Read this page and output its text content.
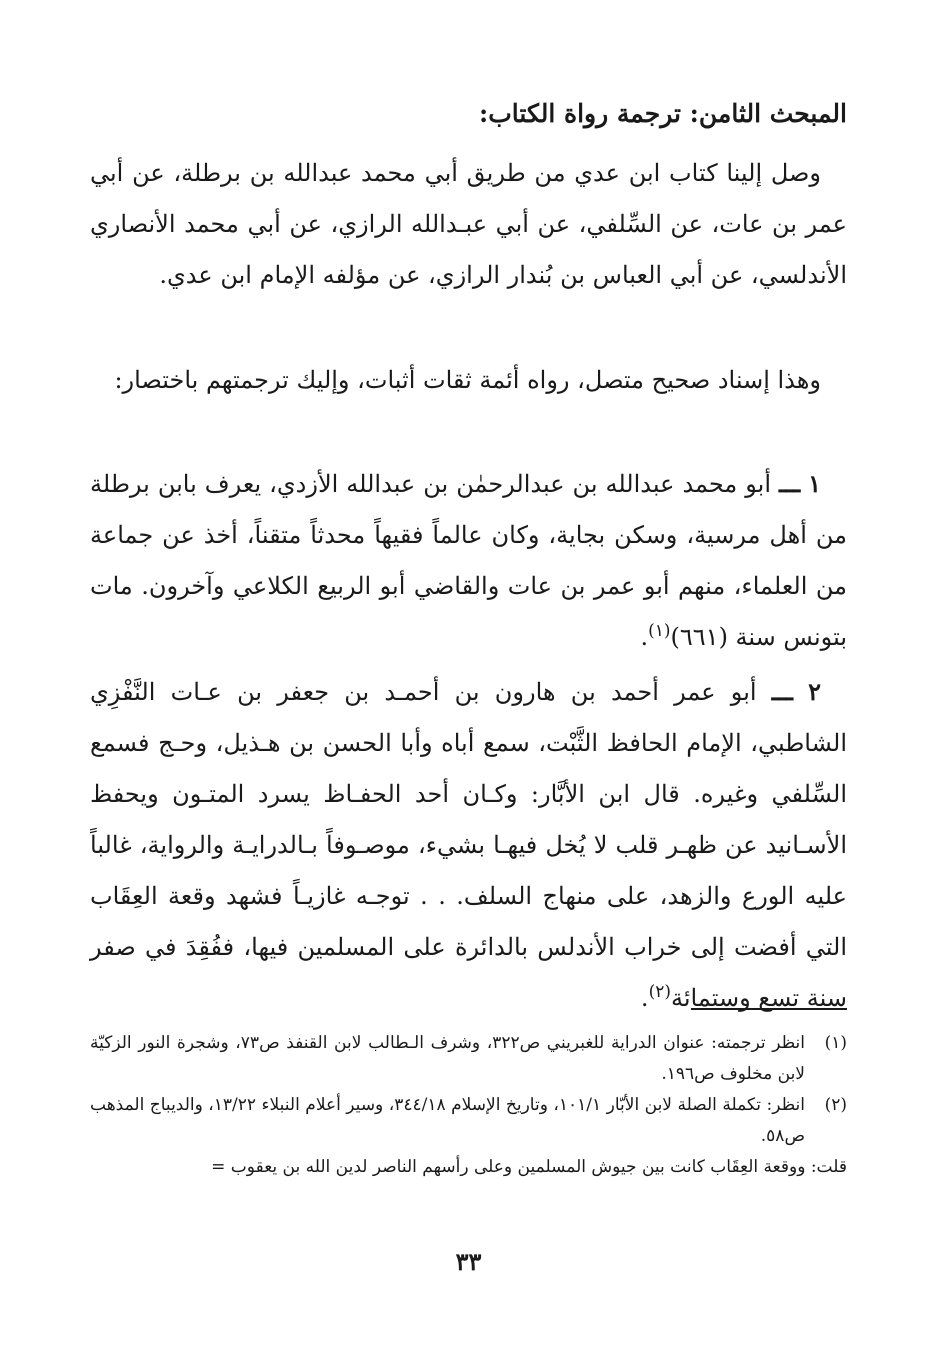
المبحث الثامن: ترجمة رواة الكتاب:

وصل إلينا كتاب ابن عدي من طريق أبي محمد عبدالله بن برطلة، عن أبي عمر بن عات، عن السِّلفي، عن أبي عبـدالله الرازي، عن أبي محمد الأنصاري الأندلسي، عن أبي العباس بن بُندار الرازي، عن مؤلفه الإمام ابن عدي.

وهذا إسناد صحيح متصل، رواه أئمة ثقات أثبات، وإليك ترجمتهم باختصار:

١ ـــ أبو محمد عبدالله بن عبدالرحمٰن بن عبدالله الأزدي، يعرف بابن برطلة من أهل مرسية، وسكن بجاية، وكان عالماً فقيهاً محدثاً متقناً، أخذ عن جماعة من العلماء، منهم أبو عمر بن عات والقاضي أبو الربيع الكلاعي وآخرون. مات بتونس سنة (٦٦١)$^{(١)}$.

٢ ـــ أبو عمر أحمد بن هارون بن أحمـد بن جعفر بن عـات النَّفْزِي الشاطبي، الإمام الحافظ الثَّبْت، سمع أباه وأبا الحسن بن هـذيل، وحـج فسمع السِّلفي وغيره. قال ابن الأبَّار: وكـان أحد الحفـاظ يسرد المتـون ويحفظ الأسـانيد عن ظهـر قلب لا يُخل فيهـا بشيء، موصـوفاً بـالدرايـة والرواية، غالباً عليه الورع والزهد، على منهاج السلف. . . توجـه غازيـاً فشهد وقعة العِقَاب التي أفضت إلى خراب الأندلس بالدائرة على المسلمين فيها، ففُقِدَ في صفر سنة تسع وستمائة$^{(٢)}$.

(١)
انظر ترجمته: عنوان الدراية للغبريني ص٣٢٢، وشرف الـطالب لابن القنفذ ص٧٣، وشجرة النور الزكيّة لابن مخلوف ص١٩٦.
(٢)
انظر: تكملة الصلة لابن الأبّار ١٠١/١، وتاريخ الإسلام ٣٤٤/١٨، وسير أعلام النبلاء ١٣/٢٢، والديباج المذهب ص٥٨.

قلت: ووقعة العِقَاب كانت بين جيوش المسلمين وعلى رأسهم الناصر لدين الله بن يعقوب =

٣٣
